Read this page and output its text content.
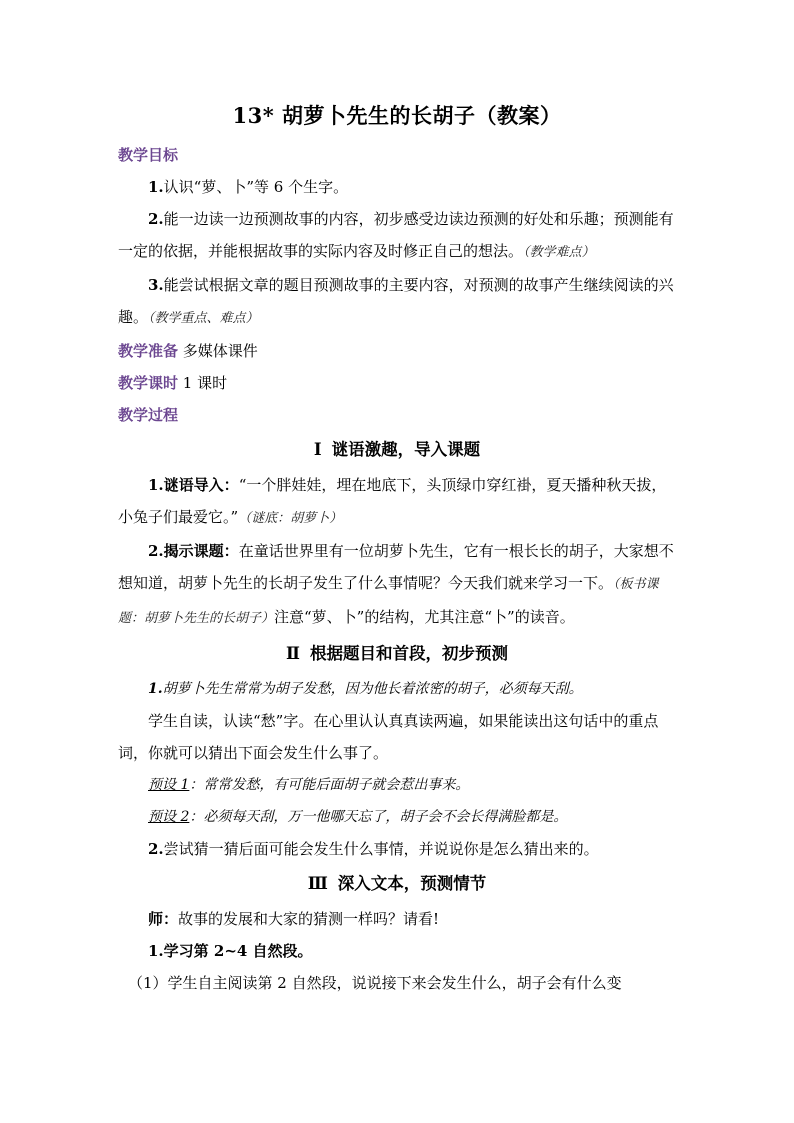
13* 胡萝卜先生的长胡子（教案）
教学目标

1.认识“萝、卜”等 6 个生字。

2.能一边读一边预测故事的内容，初步感受边读边预测的好处和乐趣；预测能有一定的依据，并能根据故事的实际内容及时修正自己的想法。（教学难点）

3.能尝试根据文章的题目预测故事的主要内容，对预测的故事产生继续阅读的兴趣。（教学重点、难点）

教学准备 多媒体课件
教学课时 1 课时
教学过程
Ⅰ 谜语激趣，导入课题

1.谜语导入：“一个胖娃娃，埋在地底下，头顶绿巾穿红褂，夏天播种秋天拔，小兔子们最爱它。”（谜底：胡萝卜）

2.揭示课题：在童话世界里有一位胡萝卜先生，它有一根长长的胡子，大家想不想知道，胡萝卜先生的长胡子发生了什么事情呢？今天我们就来学习一下。（板书课题：胡萝卜先生的长胡子）注意“萝、卜”的结构，尤其注意“卜”的读音。

Ⅱ 根据题目和首段，初步预测

1.胡萝卜先生常常为胡子发愁，因为他长着浓密的胡子，必须每天刮。

学生自读，认读“愁”字。在心里认认真真读两遍，如果能读出这句话中的重点词，你就可以猜出下面会发生什么事了。

预设 1：常常发愁，有可能后面胡子就会惹出事来。

预设 2：必须每天刮，万一他哪天忘了，胡子会不会长得满脸都是。

2.尝试猜一猜后面可能会发生什么事情，并说说你是怎么猜出来的。

Ⅲ 深入文本，预测情节

师：故事的发展和大家的猜测一样吗？请看!

1.学习第 2~4 自然段。

（1）学生自主阅读第 2 自然段，说说接下来会发生什么，胡子会有什么变
